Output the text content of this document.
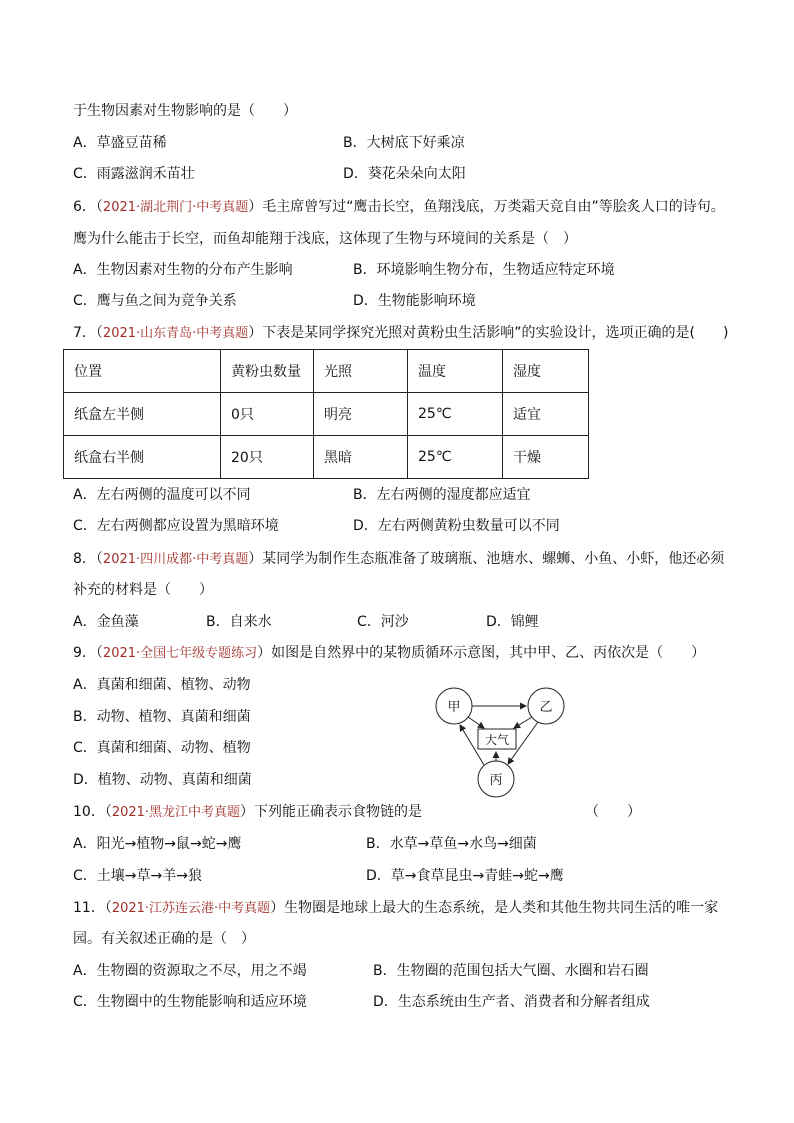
于生物因素对生物影响的是（　　）
A．草盛豆苗稀	B．大树底下好乘凉
C．雨露滋润禾苗壮	D．葵花朵朵向太阳
6．（2021·湖北荆门·中考真题）毛主席曾写过“鹰击长空，鱼翔浅底，万类霜天竞自由”等脍炙人口的诗句。
鹰为什么能击于长空，而鱼却能翔于浅底，这体现了生物与环境间的关系是（　）
A．生物因素对生物的分布产生影响	B．环境影响生物分布，生物适应特定环境
C．鹰与鱼之间为竞争关系	D．生物能影响环境
7．（2021·山东青岛·中考真题）下表是某同学探究光照对黄粉虫生活影响”的实验设计，选项正确的是(　　)
位置	黄粉虫数量	光照	温度	湿度
纸盒左半侧	0只	明亮	25℃	适宜
纸盒右半侧	20只	黑暗	25℃	干燥
A．左右两侧的温度可以不同	B．左右两侧的湿度都应适宜
C．左右两侧都应设置为黑暗环境	D．左右两侧黄粉虫数量可以不同
8．（2021·四川成都·中考真题）某同学为制作生态瓶准备了玻璃瓶、池塘水、螺蛳、小鱼、小虾，他还必须
补充的材料是（　　）
A．金鱼藻	B．自来水	C．河沙	D．锦鲤
9．（2021·全国七年级专题练习）如图是自然界中的某物质循环示意图，其中甲、乙、丙依次是（　　）
A．真菌和细菌、植物、动物
B．动物、植物、真菌和细菌
C．真菌和细菌、动物、植物
D．植物、动物、真菌和细菌
甲	乙
丙
大气
10．（2021·黑龙江中考真题）下列能正确表示食物链的是	（　　）
A．阳光→植物→鼠→蛇→鹰	B．水草→草鱼→水鸟→细菌
C．土壤→草→羊→狼	D．草→食草昆虫→青蛙→蛇→鹰
11．（2021·江苏连云港·中考真题）生物圈是地球上最大的生态系统，是人类和其他生物共同生活的唯一家
园。有关叙述正确的是（　）
A．生物圈的资源取之不尽，用之不竭	B．生物圈的范围包括大气圈、水圈和岩石圈
C．生物圈中的生物能影响和适应环境	D．生态系统由生产者、消费者和分解者组成
